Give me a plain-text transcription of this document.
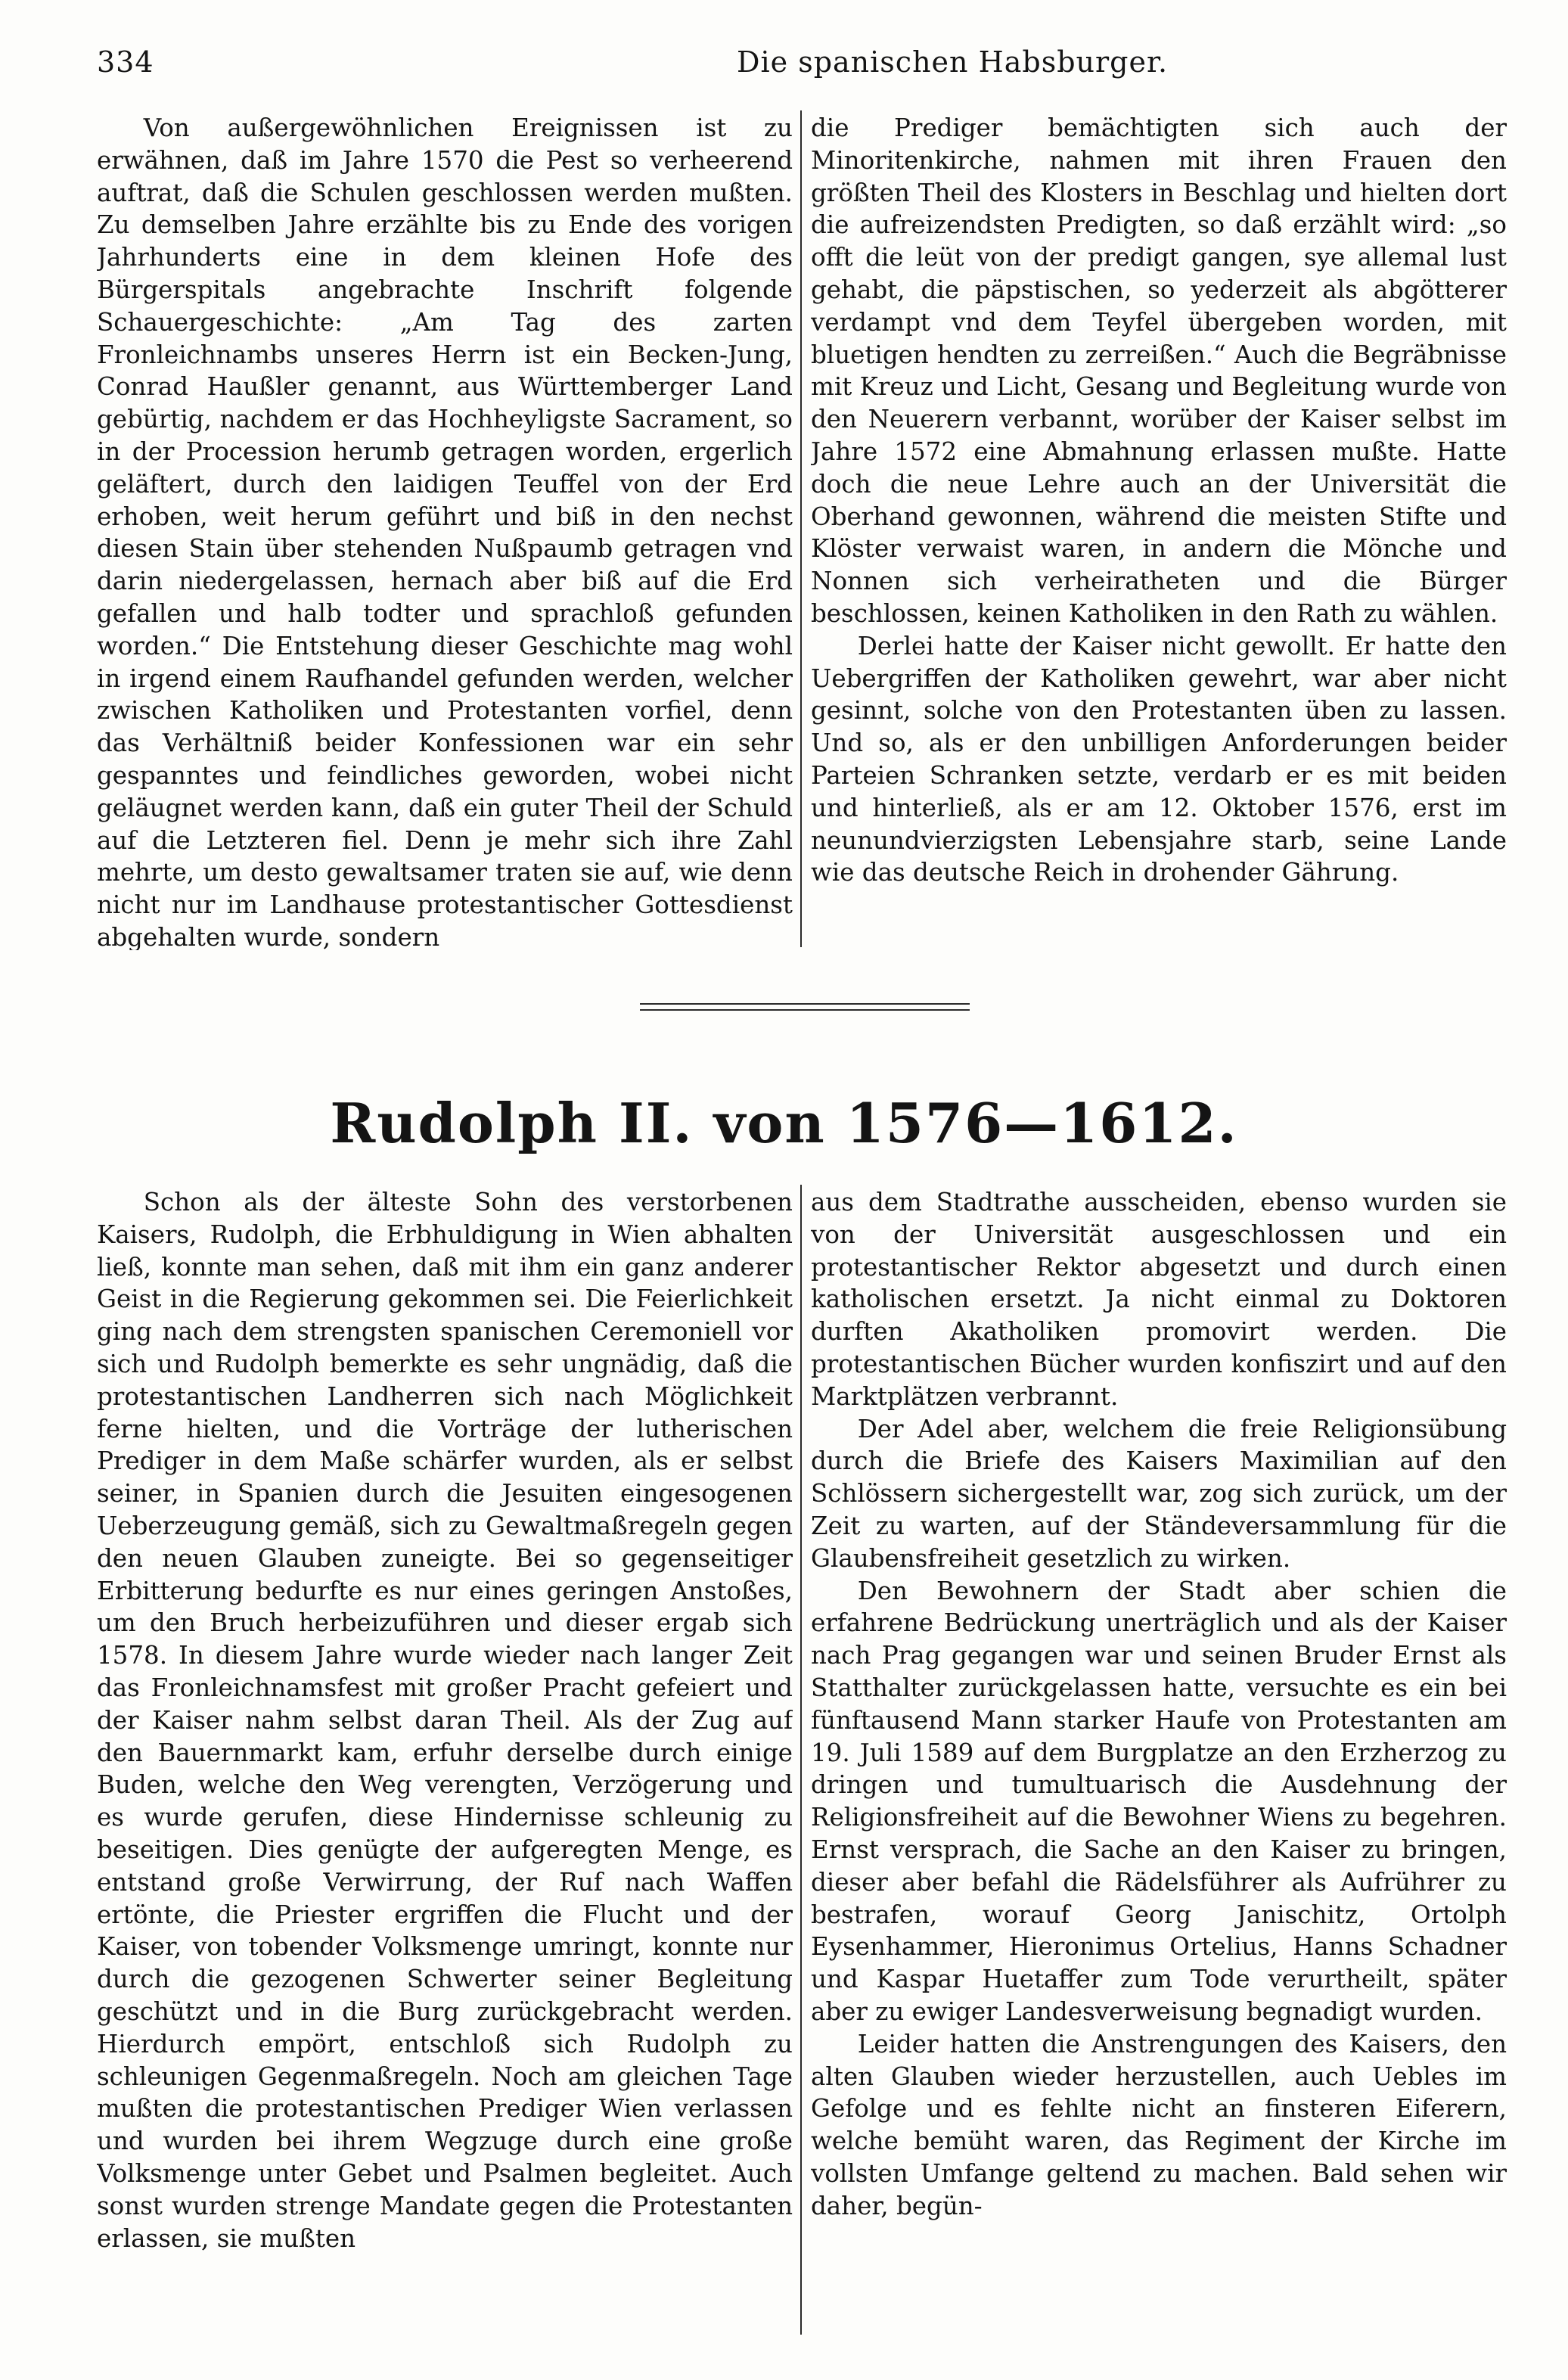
334	Die spanischen Habsburger.

Von außergewöhnlichen Ereignissen ist zu erwähnen, daß im Jahre 1570 die Pest so verheerend auftrat, daß die Schulen geschlossen werden mußten. Zu demselben Jahre erzählte bis zu Ende des vorigen Jahrhunderts eine in dem kleinen Hofe des Bürgerspitals angebrachte Inschrift folgende Schauergeschichte: „Am Tag des zarten Fronleichnambs unseres Herrn ist ein Becken-Jung, Conrad Haußler genannt, aus Württemberger Land gebürtig, nachdem er das Hochheyligste Sacrament, so in der Procession herumb getragen worden, ergerlich geläftert, durch den laidigen Teuffel von der Erd erhoben, weit herum geführt und biß in den nechst diesen Stain über stehenden Nußpaumb getragen vnd darin niedergelassen, hernach aber biß auf die Erd gefallen und halb todter und sprachloß gefunden worden.“ Die Entstehung dieser Geschichte mag wohl in irgend einem Raufhandel gefunden werden, welcher zwischen Katholiken und Protestanten vorfiel, denn das Verhältniß beider Konfessionen war ein sehr gespanntes und feindliches geworden, wobei nicht geläugnet werden kann, daß ein guter Theil der Schuld auf die Letzteren fiel. Denn je mehr sich ihre Zahl mehrte, um desto gewaltsamer traten sie auf, wie denn nicht nur im Landhause protestantischer Gottesdienst abgehalten wurde, sondern

die Prediger bemächtigten sich auch der Minoritenkirche, nahmen mit ihren Frauen den größten Theil des Klosters in Beschlag und hielten dort die aufreizendsten Predigten, so daß erzählt wird: „so offt die leüt von der predigt gangen, sye allemal lust gehabt, die päpstischen, so yederzeit als abgötterer verdampt vnd dem Teyfel übergeben worden, mit bluetigen hendten zu zerreißen.“ Auch die Begräbnisse mit Kreuz und Licht, Gesang und Begleitung wurde von den Neuerern verbannt, worüber der Kaiser selbst im Jahre 1572 eine Abmahnung erlassen mußte. Hatte doch die neue Lehre auch an der Universität die Oberhand gewonnen, während die meisten Stifte und Klöster verwaist waren, in andern die Mönche und Nonnen sich verheiratheten und die Bürger beschlossen, keinen Katholiken in den Rath zu wählen.

Derlei hatte der Kaiser nicht gewollt. Er hatte den Uebergriffen der Katholiken gewehrt, war aber nicht gesinnt, solche von den Protestanten üben zu lassen. Und so, als er den unbilligen Anforderungen beider Parteien Schranken setzte, verdarb er es mit beiden und hinterließ, als er am 12. Oktober 1576, erst im neunundvierzigsten Lebensjahre starb, seine Lande wie das deutsche Reich in drohender Gährung.

Rudolph II. von 1576—1612.

Schon als der älteste Sohn des verstorbenen Kaisers, Rudolph, die Erbhuldigung in Wien abhalten ließ, konnte man sehen, daß mit ihm ein ganz anderer Geist in die Regierung gekommen sei. Die Feierlichkeit ging nach dem strengsten spanischen Ceremoniell vor sich und Rudolph bemerkte es sehr ungnädig, daß die protestantischen Landherren sich nach Möglichkeit ferne hielten, und die Vorträge der lutherischen Prediger in dem Maße schärfer wurden, als er selbst seiner, in Spanien durch die Jesuiten eingesogenen Ueberzeugung gemäß, sich zu Gewaltmaßregeln gegen den neuen Glauben zuneigte. Bei so gegenseitiger Erbitterung bedurfte es nur eines geringen Anstoßes, um den Bruch herbeizuführen und dieser ergab sich 1578. In diesem Jahre wurde wieder nach langer Zeit das Fronleichnamsfest mit großer Pracht gefeiert und der Kaiser nahm selbst daran Theil. Als der Zug auf den Bauernmarkt kam, erfuhr derselbe durch einige Buden, welche den Weg verengten, Verzögerung und es wurde gerufen, diese Hindernisse schleunig zu beseitigen. Dies genügte der aufgeregten Menge, es entstand große Verwirrung, der Ruf nach Waffen ertönte, die Priester ergriffen die Flucht und der Kaiser, von tobender Volksmenge umringt, konnte nur durch die gezogenen Schwerter seiner Begleitung geschützt und in die Burg zurückgebracht werden. Hierdurch empört, entschloß sich Rudolph zu schleunigen Gegenmaßregeln. Noch am gleichen Tage mußten die protestantischen Prediger Wien verlassen und wurden bei ihrem Wegzuge durch eine große Volksmenge unter Gebet und Psalmen begleitet. Auch sonst wurden strenge Mandate gegen die Protestanten erlassen, sie mußten

aus dem Stadtrathe ausscheiden, ebenso wurden sie von der Universität ausgeschlossen und ein protestantischer Rektor abgesetzt und durch einen katholischen ersetzt. Ja nicht einmal zu Doktoren durften Akatholiken promovirt werden. Die protestantischen Bücher wurden konfiszirt und auf den Marktplätzen verbrannt.

Der Adel aber, welchem die freie Religionsübung durch die Briefe des Kaisers Maximilian auf den Schlössern sichergestellt war, zog sich zurück, um der Zeit zu warten, auf der Ständeversammlung für die Glaubensfreiheit gesetzlich zu wirken.

Den Bewohnern der Stadt aber schien die erfahrene Bedrückung unerträglich und als der Kaiser nach Prag gegangen war und seinen Bruder Ernst als Statthalter zurückgelassen hatte, versuchte es ein bei fünftausend Mann starker Haufe von Protestanten am 19. Juli 1589 auf dem Burgplatze an den Erzherzog zu dringen und tumultuarisch die Ausdehnung der Religionsfreiheit auf die Bewohner Wiens zu begehren. Ernst versprach, die Sache an den Kaiser zu bringen, dieser aber befahl die Rädelsführer als Aufrührer zu bestrafen, worauf Georg Janischitz, Ortolph Eysenhammer, Hieronimus Ortelius, Hanns Schadner und Kaspar Huetaffer zum Tode verurtheilt, später aber zu ewiger Landesverweisung begnadigt wurden.

Leider hatten die Anstrengungen des Kaisers, den alten Glauben wieder herzustellen, auch Uebles im Gefolge und es fehlte nicht an finsteren Eiferern, welche bemüht waren, das Regiment der Kirche im vollsten Umfange geltend zu machen. Bald sehen wir daher, begün-
